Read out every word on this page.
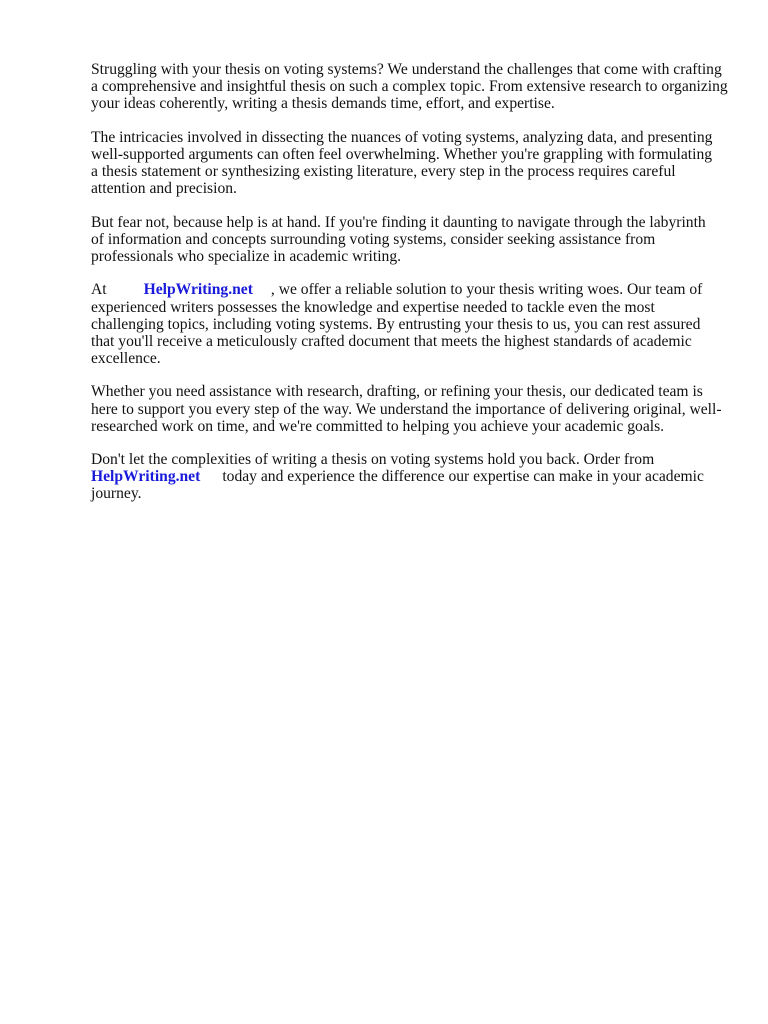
Struggling with your thesis on voting systems? We understand the challenges that come with crafting
a comprehensive and insightful thesis on such a complex topic. From extensive research to organizing
your ideas coherently, writing a thesis demands time, effort, and expertise.

The intricacies involved in dissecting the nuances of voting systems, analyzing data, and presenting
well-supported arguments can often feel overwhelming. Whether you're grappling with formulating
a thesis statement or synthesizing existing literature, every step in the process requires careful
attention and precision.

But fear not, because help is at hand. If you're finding it daunting to navigate through the labyrinth
of information and concepts surrounding voting systems, consider seeking assistance from
professionals who specialize in academic writing.

At HelpWriting.net , we offer a reliable solution to your thesis writing woes. Our team of
experienced writers possesses the knowledge and expertise needed to tackle even the most
challenging topics, including voting systems. By entrusting your thesis to us, you can rest assured
that you'll receive a meticulously crafted document that meets the highest standards of academic
excellence.

Whether you need assistance with research, drafting, or refining your thesis, our dedicated team is
here to support you every step of the way. We understand the importance of delivering original, well-
researched work on time, and we're committed to helping you achieve your academic goals.

Don't let the complexities of writing a thesis on voting systems hold you back. Order from
HelpWriting.net today and experience the difference our expertise can make in your academic
journey.
